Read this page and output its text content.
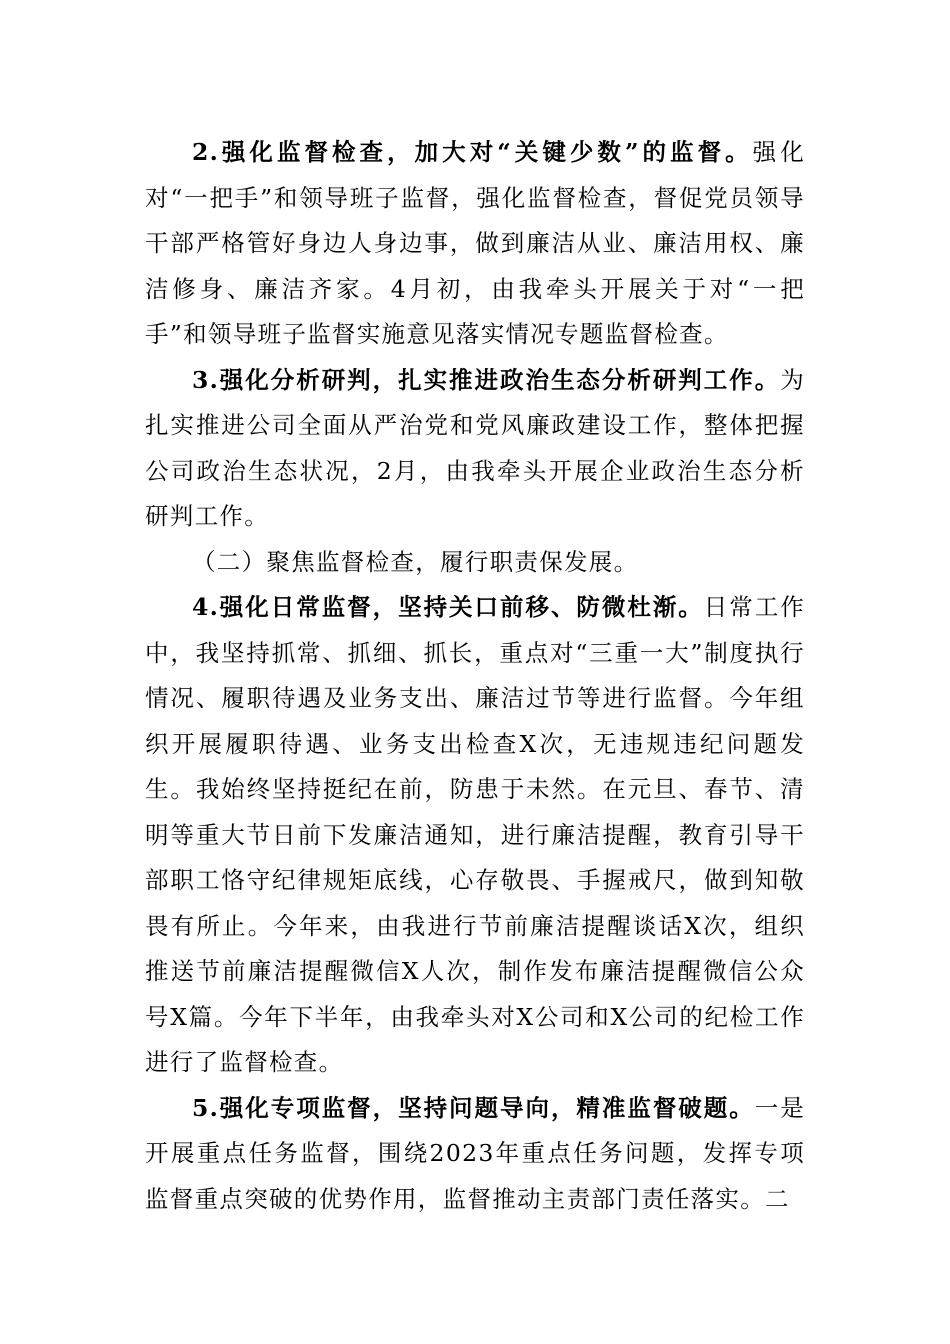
2.强化监督检查，加大对“关键少数”的监督。强化对“一把手”和领导班子监督，强化监督检查，督促党员领导干部严格管好身边人身边事，做到廉洁从业、廉洁用权、廉洁修身、廉洁齐家。4月初，由我牵头开展关于对“一把手”和领导班子监督实施意见落实情况专题监督检查。

3.强化分析研判，扎实推进政治生态分析研判工作。为扎实推进公司全面从严治党和党风廉政建设工作，整体把握公司政治生态状况，2月，由我牵头开展企业政治生态分析研判工作。

（二）聚焦监督检查，履行职责保发展。

4.强化日常监督，坚持关口前移、防微杜渐。日常工作中，我坚持抓常、抓细、抓长，重点对“三重一大”制度执行情况、履职待遇及业务支出、廉洁过节等进行监督。今年组织开展履职待遇、业务支出检查X次，无违规违纪问题发生。我始终坚持挺纪在前，防患于未然。在元旦、春节、清明等重大节日前下发廉洁通知，进行廉洁提醒，教育引导干部职工恪守纪律规矩底线，心存敬畏、手握戒尺，做到知敬畏有所止。今年来，由我进行节前廉洁提醒谈话X次，组织推送节前廉洁提醒微信X人次，制作发布廉洁提醒微信公众号X篇。今年下半年，由我牵头对X公司和X公司的纪检工作进行了监督检查。

5.强化专项监督，坚持问题导向，精准监督破题。一是开展重点任务监督，围绕2023年重点任务问题，发挥专项监督重点突破的优势作用，监督推动主责部门责任落实。二
